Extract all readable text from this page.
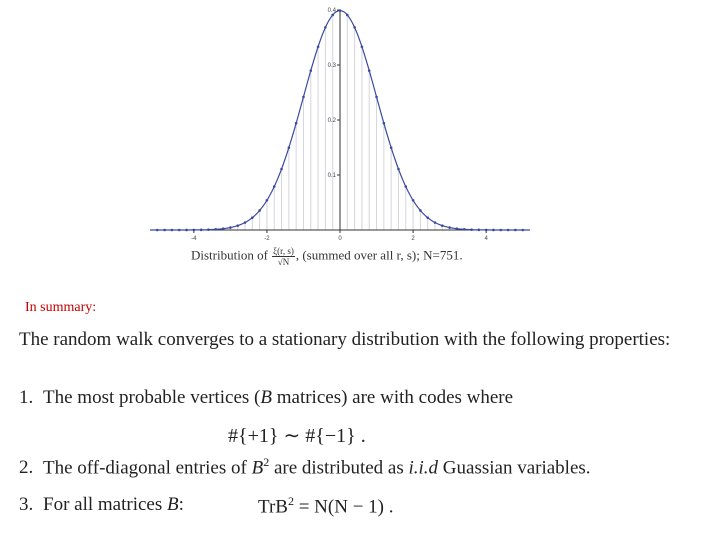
-4	-2	0	2	4
0.1
0.2
0.3
0.4
Distribution of $\frac{\xi(r, s)}{√N}$ , (summed over all r, s); N=751.
In summary:
The random walk converges to a stationary distribution with the following properties:
1. The most probable vertices (B matrices) are with codes where
#{+1} ∼ #{−1} .
2. The off-diagonal entries of $B^2$ are distributed as i.i.d Guassian variables.
3. For all matrices B:	TrB$^2$ = N(N − 1) .
